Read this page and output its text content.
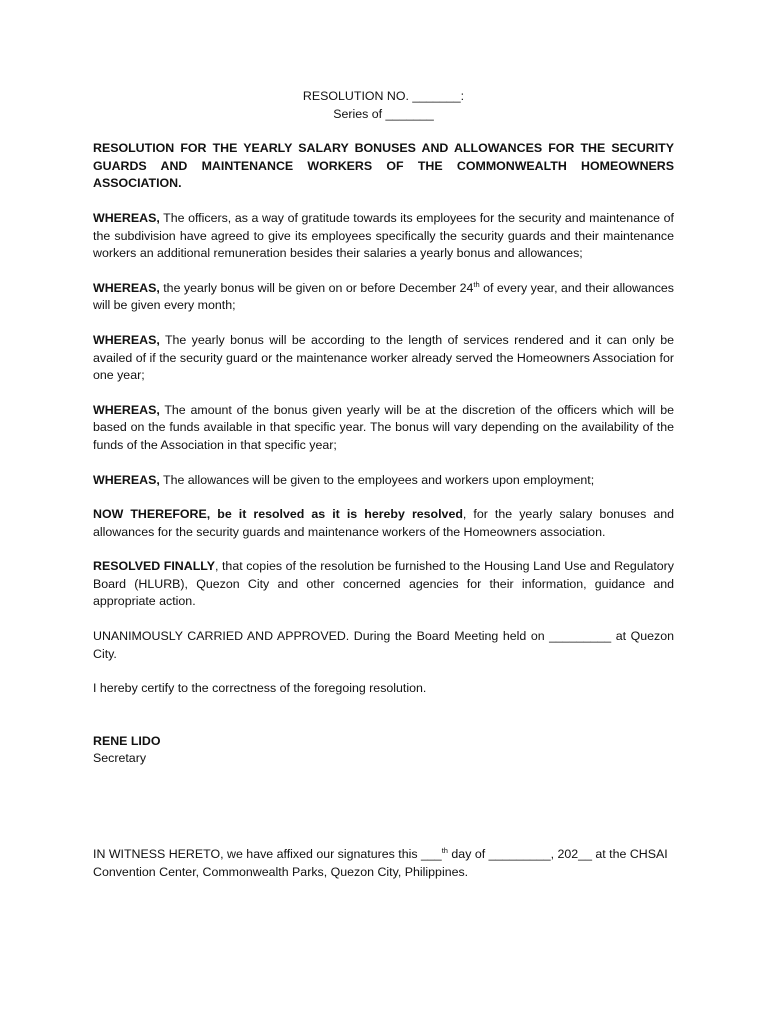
RESOLUTION NO. _______:
Series of _______
RESOLUTION FOR THE YEARLY SALARY BONUSES AND ALLOWANCES FOR THE SECURITY GUARDS AND MAINTENANCE WORKERS OF THE COMMONWEALTH HOMEOWNERS ASSOCIATION.

WHEREAS, The officers, as a way of gratitude towards its employees for the security and maintenance of the subdivision have agreed to give its employees specifically the security guards and their maintenance workers an additional remuneration besides their salaries a yearly bonus and allowances;

WHEREAS, the yearly bonus will be given on or before December 24th of every year, and their allowances will be given every month;

WHEREAS, The yearly bonus will be according to the length of services rendered and it can only be availed of if the security guard or the maintenance worker already served the Homeowners Association for one year;

WHEREAS, The amount of the bonus given yearly will be at the discretion of the officers which will be based on the funds available in that specific year. The bonus will vary depending on the availability of the funds of the Association in that specific year;

WHEREAS, The allowances will be given to the employees and workers upon employment;

NOW THEREFORE, be it resolved as it is hereby resolved, for the yearly salary bonuses and allowances for the security guards and maintenance workers of the Homeowners association.

RESOLVED FINALLY, that copies of the resolution be furnished to the Housing Land Use and Regulatory Board (HLURB), Quezon City and other concerned agencies for their information, guidance and appropriate action.

UNANIMOUSLY CARRIED AND APPROVED. During the Board Meeting held on _________ at Quezon City.

I hereby certify to the correctness of the foregoing resolution.

RENE LIDO
Secretary

IN WITNESS HERETO, we have affixed our signatures this ___$^{th}$ day of _________, 202__ at the CHSAI Convention Center, Commonwealth Parks, Quezon City, Philippines.
